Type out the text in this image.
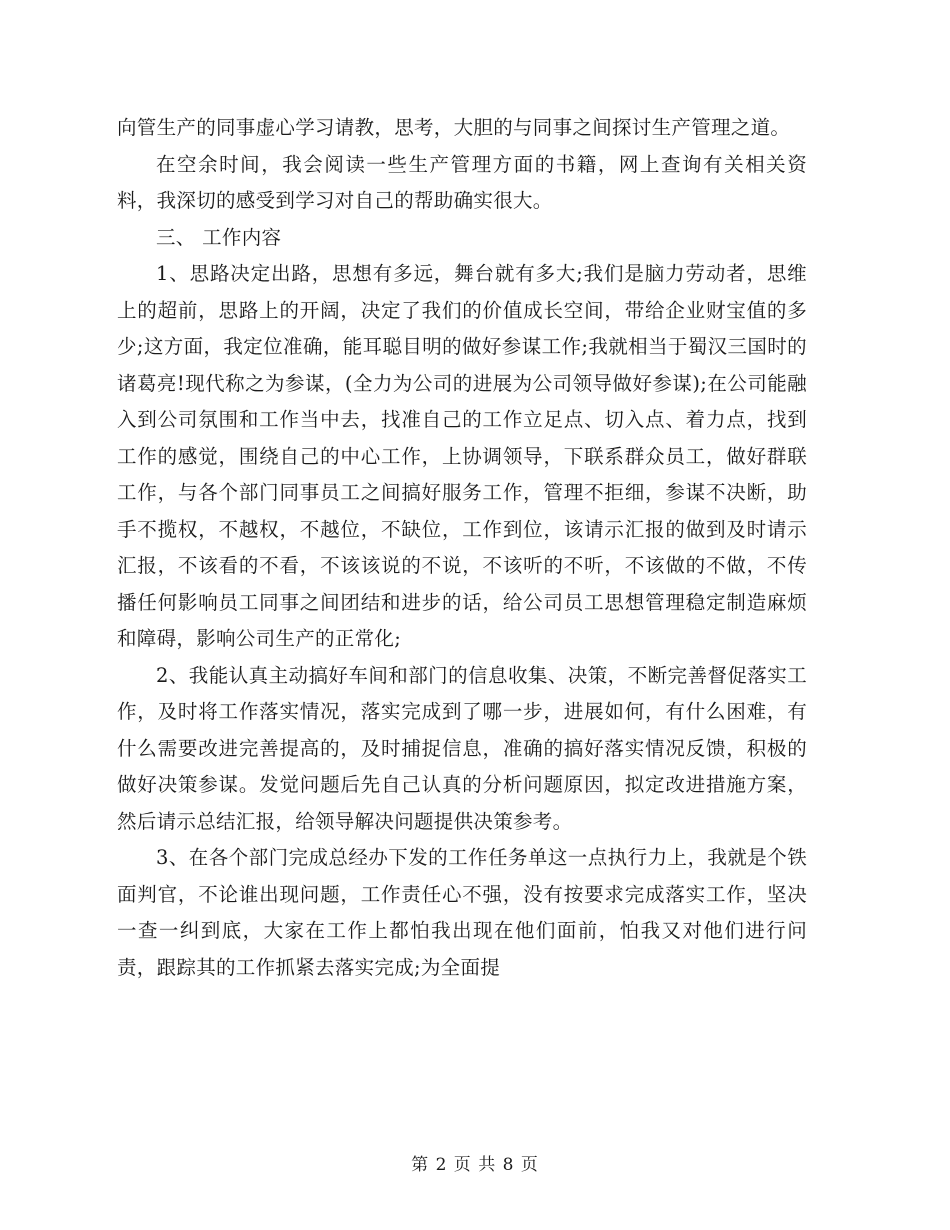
向管生产的同事虚心学习请教，思考，大胆的与同事之间探讨生产管理之道。

在空余时间，我会阅读一些生产管理方面的书籍，网上查询有关相关资料，我深切的感受到学习对自己的帮助确实很大。

三、 工作内容

1、思路决定出路，思想有多远，舞台就有多大;我们是脑力劳动者，思维上的超前，思路上的开阔，决定了我们的价值成长空间，带给企业财宝值的多少;这方面，我定位准确，能耳聪目明的做好参谋工作;我就相当于蜀汉三国时的诸葛亮!现代称之为参谋，(全力为公司的进展为公司领导做好参谋);在公司能融入到公司氛围和工作当中去，找准自己的工作立足点、切入点、着力点，找到工作的感觉，围绕自己的中心工作，上协调领导，下联系群众员工，做好群联工作，与各个部门同事员工之间搞好服务工作，管理不拒细，参谋不决断，助手不揽权，不越权，不越位，不缺位，工作到位，该请示汇报的做到及时请示汇报，不该看的不看，不该该说的不说，不该听的不听，不该做的不做，不传播任何影响员工同事之间团结和进步的话，给公司员工思想管理稳定制造麻烦和障碍，影响公司生产的正常化;

2、我能认真主动搞好车间和部门的信息收集、决策，不断完善督促落实工作，及时将工作落实情况，落实完成到了哪一步，进展如何，有什么困难，有什么需要改进完善提高的，及时捕捉信息，准确的搞好落实情况反馈，积极的做好决策参谋。发觉问题后先自己认真的分析问题原因，拟定改进措施方案，然后请示总结汇报，给领导解决问题提供决策参考。

3、在各个部门完成总经办下发的工作任务单这一点执行力上，我就是个铁面判官，不论谁出现问题，工作责任心不强，没有按要求完成落实工作，坚决一查一纠到底，大家在工作上都怕我出现在他们面前，怕我又对他们进行问责，跟踪其的工作抓紧去落实完成;为全面提

第 2 页 共 8 页
